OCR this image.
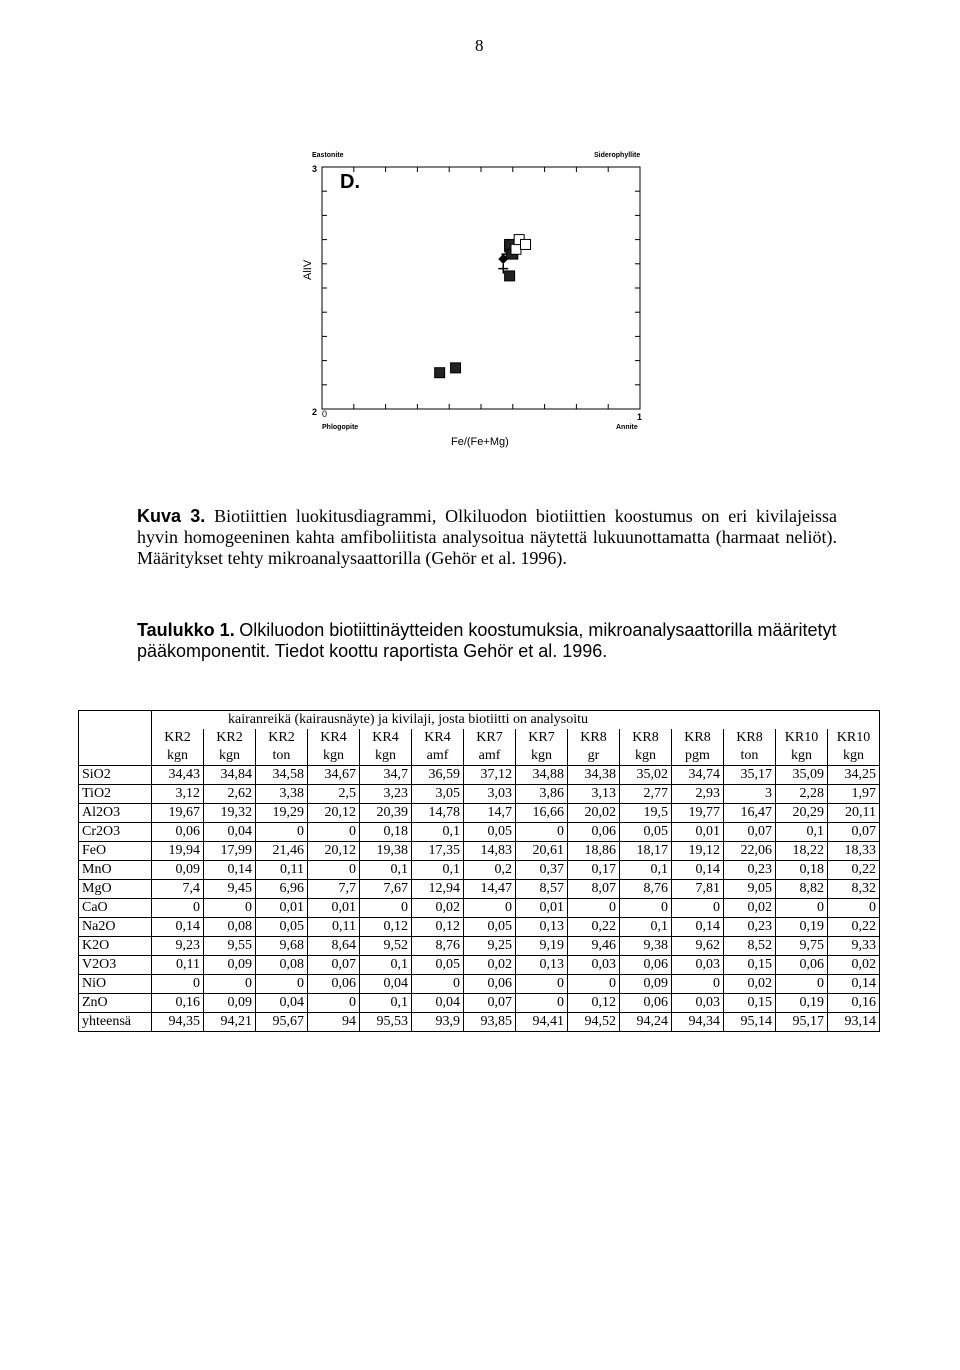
8
Eastonite	Siderophyllite
3
D.
AlIV
2 0	1
Phlogopite	Annite
Fe/(Fe+Mg)
Kuva 3. Biotiittien luokitusdiagrammi, Olkiluodon biotiittien koostumus on eri kivilajeissa hyvin homogeeninen kahta amfiboliitista analysoitua näytettä lukuunottamatta (harmaat neliöt). Määritykset tehty mikroanalysaattorilla (Gehör et al. 1996).
Taulukko 1. Olkiluodon biotiittinäytteiden koostumuksia, mikroanalysaattorilla määritetyt pääkomponentit. Tiedot koottu raportista Gehör et al. 1996.
	kairanreikä (kairausnäyte) ja kivilaji, josta biotiitti on analysoitu													
	KR2	KR2	KR2	KR4	KR4	KR4	KR7	KR7	KR8	KR8	KR8	KR8	KR10	KR10
	kgn	kgn	ton	kgn	kgn	amf	amf	kgn	gr	kgn	pgm	ton	kgn	kgn
SiO2	34,43	34,84	34,58	34,67	34,7	36,59	37,12	34,88	34,38	35,02	34,74	35,17	35,09	34,25
TiO2	3,12	2,62	3,38	2,5	3,23	3,05	3,03	3,86	3,13	2,77	2,93	3	2,28	1,97
Al2O3	19,67	19,32	19,29	20,12	20,39	14,78	14,7	16,66	20,02	19,5	19,77	16,47	20,29	20,11
Cr2O3	0,06	0,04	0	0	0,18	0,1	0,05	0	0,06	0,05	0,01	0,07	0,1	0,07
FeO	19,94	17,99	21,46	20,12	19,38	17,35	14,83	20,61	18,86	18,17	19,12	22,06	18,22	18,33
MnO	0,09	0,14	0,11	0	0,1	0,1	0,2	0,37	0,17	0,1	0,14	0,23	0,18	0,22
MgO	7,4	9,45	6,96	7,7	7,67	12,94	14,47	8,57	8,07	8,76	7,81	9,05	8,82	8,32
CaO	0	0	0,01	0,01	0	0,02	0	0,01	0	0	0	0,02	0	0
Na2O	0,14	0,08	0,05	0,11	0,12	0,12	0,05	0,13	0,22	0,1	0,14	0,23	0,19	0,22
K2O	9,23	9,55	9,68	8,64	9,52	8,76	9,25	9,19	9,46	9,38	9,62	8,52	9,75	9,33
V2O3	0,11	0,09	0,08	0,07	0,1	0,05	0,02	0,13	0,03	0,06	0,03	0,15	0,06	0,02
NiO	0	0	0	0,06	0,04	0	0,06	0	0	0,09	0	0,02	0	0,14
ZnO	0,16	0,09	0,04	0	0,1	0,04	0,07	0	0,12	0,06	0,03	0,15	0,19	0,16
yhteensä	94,35	94,21	95,67	94	95,53	93,9	93,85	94,41	94,52	94,24	94,34	95,14	95,17	93,14
